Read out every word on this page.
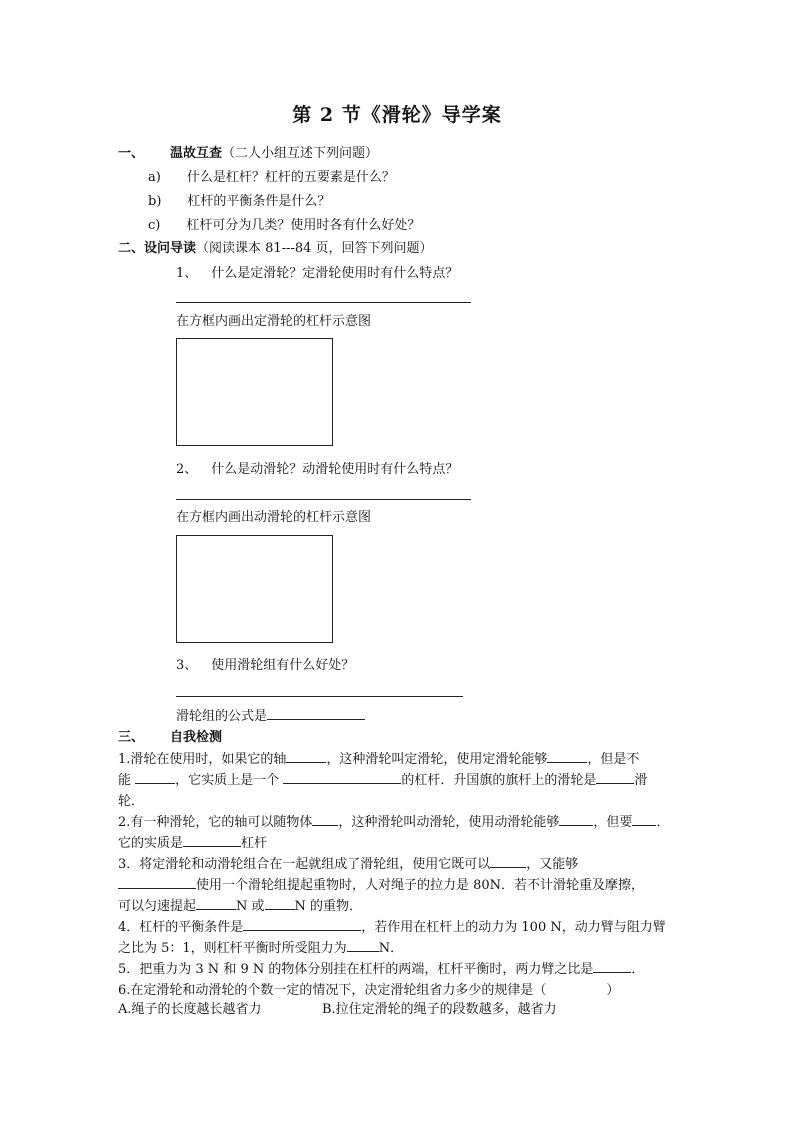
第 2 节《滑轮》导学案
一、 温故互查（二人小组互述下列问题）
a) 什么是杠杆？杠杆的五要素是什么？
b) 杠杆的平衡条件是什么？
c) 杠杆可分为几类？使用时各有什么好处？
二、设问导读（阅读课本 81---84 页，回答下列问题）
1、 什么是定滑轮？定滑轮使用时有什么特点？
在方框内画出定滑轮的杠杆示意图
2、 什么是动滑轮？动滑轮使用时有什么特点？
在方框内画出动滑轮的杠杆示意图
3、 使用滑轮组有什么好处？
滑轮组的公式是
三、 自我检测
1.滑轮在使用时，如果它的轴	，这种滑轮叫定滑轮，使用定滑轮能够	，但是不
能	，它实质上是一个	的杠杆．升国旗的旗杆上的滑轮是	滑
轮．
2.有一种滑轮，它的轴可以随物体 ，这种滑轮叫动滑轮，使用动滑轮能够	，但要 ．
它的实质是	杠杆
3．将定滑轮和动滑轮组合在一起就组成了滑轮组，使用它既可以	，又能够
使用一个滑轮组提起重物时，人对绳子的拉力是 80N．若不计滑轮重及摩擦，
可以匀速提起	N 或 N 的重物．
4．杠杆的平衡条件是	，若作用在杠杆上的动力为 100 N，动力臂与阻力臂
之比为 5：1，则杠杆平衡时所受阻力为 N．
5．把重力为 3 N 和 9 N 的物体分别挂在杠杆的两端，杠杆平衡时，两力臂之比是	．
6.在定滑轮和动滑轮的个数一定的情况下，决定滑轮组省力多少的规律是（	）
A.绳子的长度越长越省力	B.拉住定滑轮的绳子的段数越多，越省力
